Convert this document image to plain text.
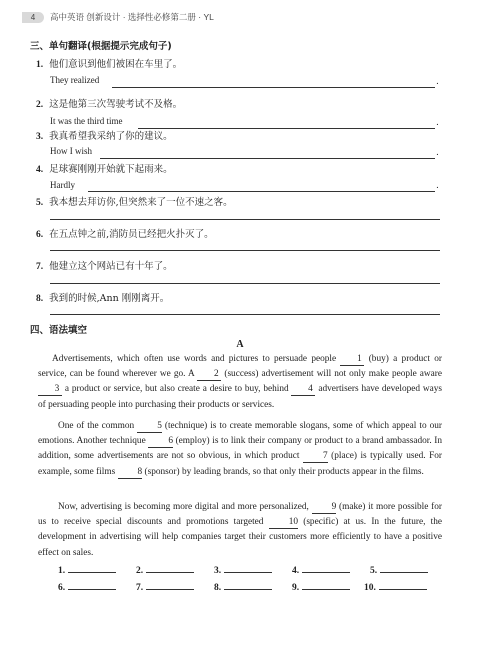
4	高中英语 创新设计 · 选择性必修第二册 · YL
三、单句翻译(根据提示完成句子)
1. 他们意识到他们被困在车里了。
They realized	.
2. 这是他第三次驾驶考试不及格。
It was the third time	.
3. 我真希望我采纳了你的建议。
How I wish	.
4. 足球赛刚刚开始就下起雨来。
Hardly	.
5. 我本想去拜访你,但突然来了一位不速之客。
6. 在五点钟之前,消防员已经把火扑灭了。
7. 他建立这个网站已有十年了。
8. 我到的时候,Ann 刚刚离开。
四、语法填空
A
Advertisements, which often use words and pictures to persuade people 1 (buy) a product or service, can be found wherever we go. A 2 (success) advertisement will not only make people aware 3 a product or service, but also create a desire to buy, behind 4 advertisers have developed ways of persuading people into purchasing their products or services.
One of the common 5 (technique) is to create memorable slogans, some of which appeal to our emotions. Another technique 6 (employ) is to link their company or product to a brand ambassador. In addition, some advertisements are not so obvious, in which product 7 (place) is typically used. For example, some films 8 (sponsor) by leading brands, so that only their products appear in the films.
Now, advertising is becoming more digital and more personalized, 9 (make) it more possible for us to receive special discounts and promotions targeted 10 (specific) at us. In the future, the development in advertising will help companies target their customers more efficiently to have a positive effect on sales.
1.	2.	3.	4.	5.
6.	7.	8.	9.	10.
